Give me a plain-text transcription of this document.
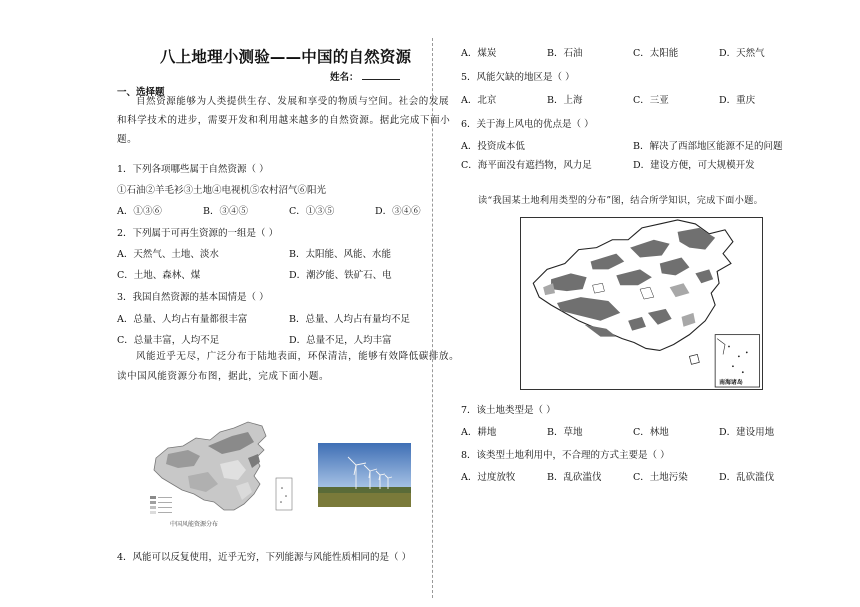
八上地理小测验——中国的自然资源
姓名：
一、选择题
自然资源能够为人类提供生存、发展和享受的物质与空间。社会的发展
和科学技术的进步，需要开发和利用越来越多的自然资源。据此完成下面小
题。
1．下列各项哪些属于自然资源（ ）
①石油②羊毛衫③土地④电视机⑤农村沼气⑥阳光
A．①③⑥	B．③④⑤	C．①③⑤	D．③④⑥
2．下列属于可再生资源的一组是（ ）
A．天然气、土地、淡水	B．太阳能、风能、水能
C．土地、森林、煤	D．潮汐能、铁矿石、电
3．我国自然资源的基本国情是（ ）
A．总量、人均占有量都很丰富	B．总量、人均占有量均不足
C．总量丰富，人均不足	D．总量不足，人均丰富
风能近乎无尽，广泛分布于陆地表面，环保清洁，能够有效降低碳排放。
读中国风能资源分布图，据此，完成下面小题。
中国风能资源分布
4．风能可以反复使用，近乎无穷，下列能源与风能性质相同的是（ ）
A．煤炭	B．石油	C．太阳能	D．天然气
5．风能欠缺的地区是（ ）
A．北京	B．上海	C．三亚	D．重庆
6．关于海上风电的优点是（ ）
A．投资成本低	B．解决了西部地区能源不足的问题
C．海平面没有遮挡物，风力足	D．建设方便，可大规模开发
读“我国某土地利用类型的分布”图，结合所学知识，完成下面小题。
南海诸岛
7．该土地类型是（ ）
A．耕地	B．草地	C．林地	D．建设用地
8．该类型土地利用中，不合理的方式主要是（ ）
A．过度放牧	B．乱砍滥伐	C．土地污染	D．乱砍滥伐
